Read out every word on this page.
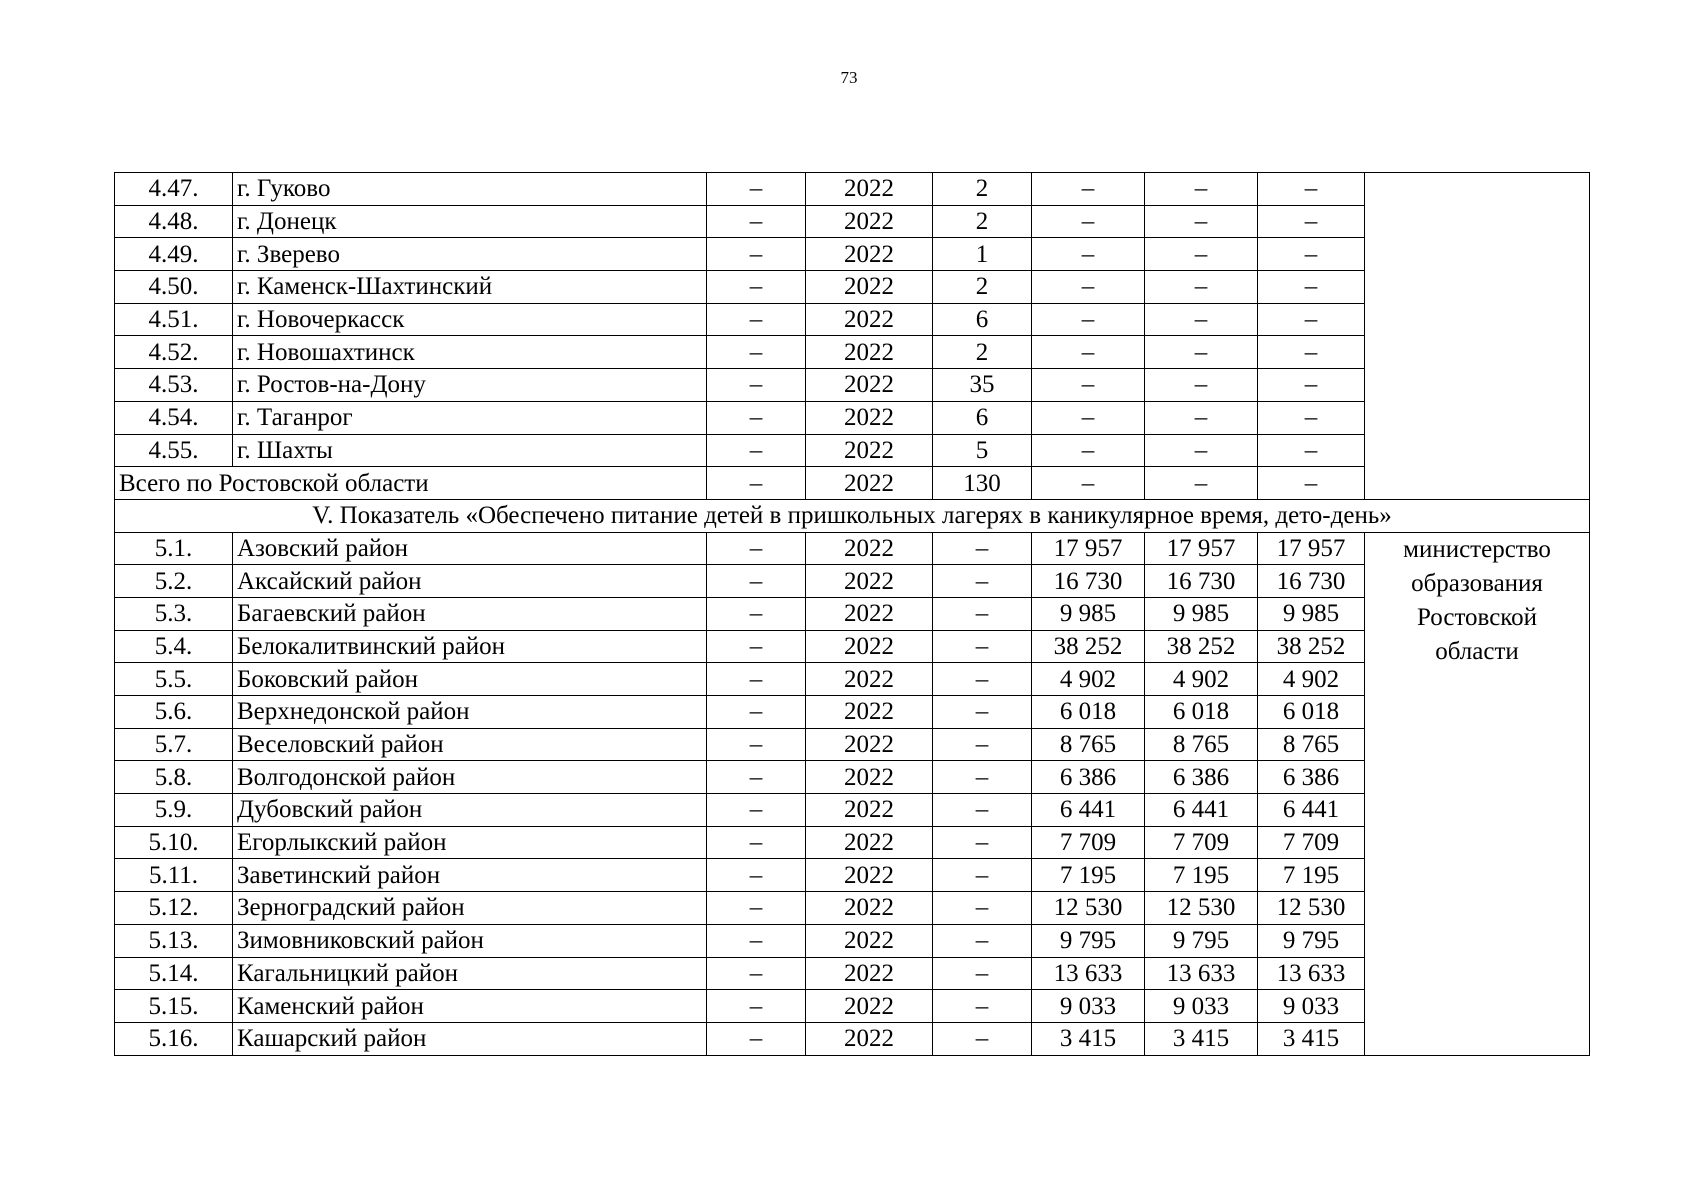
73
4.47.	г. Гуково	–	2022	2	–	–	–	
4.48.	г. Донецк	–	2022	2	–	–	–	
4.49.	г. Зверево	–	2022	1	–	–	–	
4.50.	г. Каменск-Шахтинский	–	2022	2	–	–	–	
4.51.	г. Новочеркасск	–	2022	6	–	–	–	
4.52.	г. Новошахтинск	–	2022	2	–	–	–	
4.53.	г. Ростов-на-Дону	–	2022	35	–	–	–	
4.54.	г. Таганрог	–	2022	6	–	–	–	
4.55.	г. Шахты	–	2022	5	–	–	–	
Всего по Ростовской области		–	2022	130	–	–	–	
V. Показатель «Обеспечено питание детей в пришкольных лагерях в каникулярное время, дето-день»								
5.1.	Азовский район	–	2022	–	17 957	17 957	17 957	министерство
образования
Ростовской
области

5.2.	Аксайский район	–	2022	–	16 730	16 730	16 730	
5.3.	Багаевский район	–	2022	–	9 985	9 985	9 985	
5.4.	Белокалитвинский район	–	2022	–	38 252	38 252	38 252	
5.5.	Боковский район	–	2022	–	4 902	4 902	4 902	
5.6.	Верхнедонской район	–	2022	–	6 018	6 018	6 018	
5.7.	Веселовский район	–	2022	–	8 765	8 765	8 765	
5.8.	Волгодонской район	–	2022	–	6 386	6 386	6 386	
5.9.	Дубовский район	–	2022	–	6 441	6 441	6 441	
5.10.	Егорлыкский район	–	2022	–	7 709	7 709	7 709	
5.11.	Заветинский район	–	2022	–	7 195	7 195	7 195	
5.12.	Зерноградский район	–	2022	–	12 530	12 530	12 530	
5.13.	Зимовниковский район	–	2022	–	9 795	9 795	9 795	
5.14.	Кагальницкий район	–	2022	–	13 633	13 633	13 633	
5.15.	Каменский район	–	2022	–	9 033	9 033	9 033	
5.16.	Кашарский район	–	2022	–	3 415	3 415	3 415	
